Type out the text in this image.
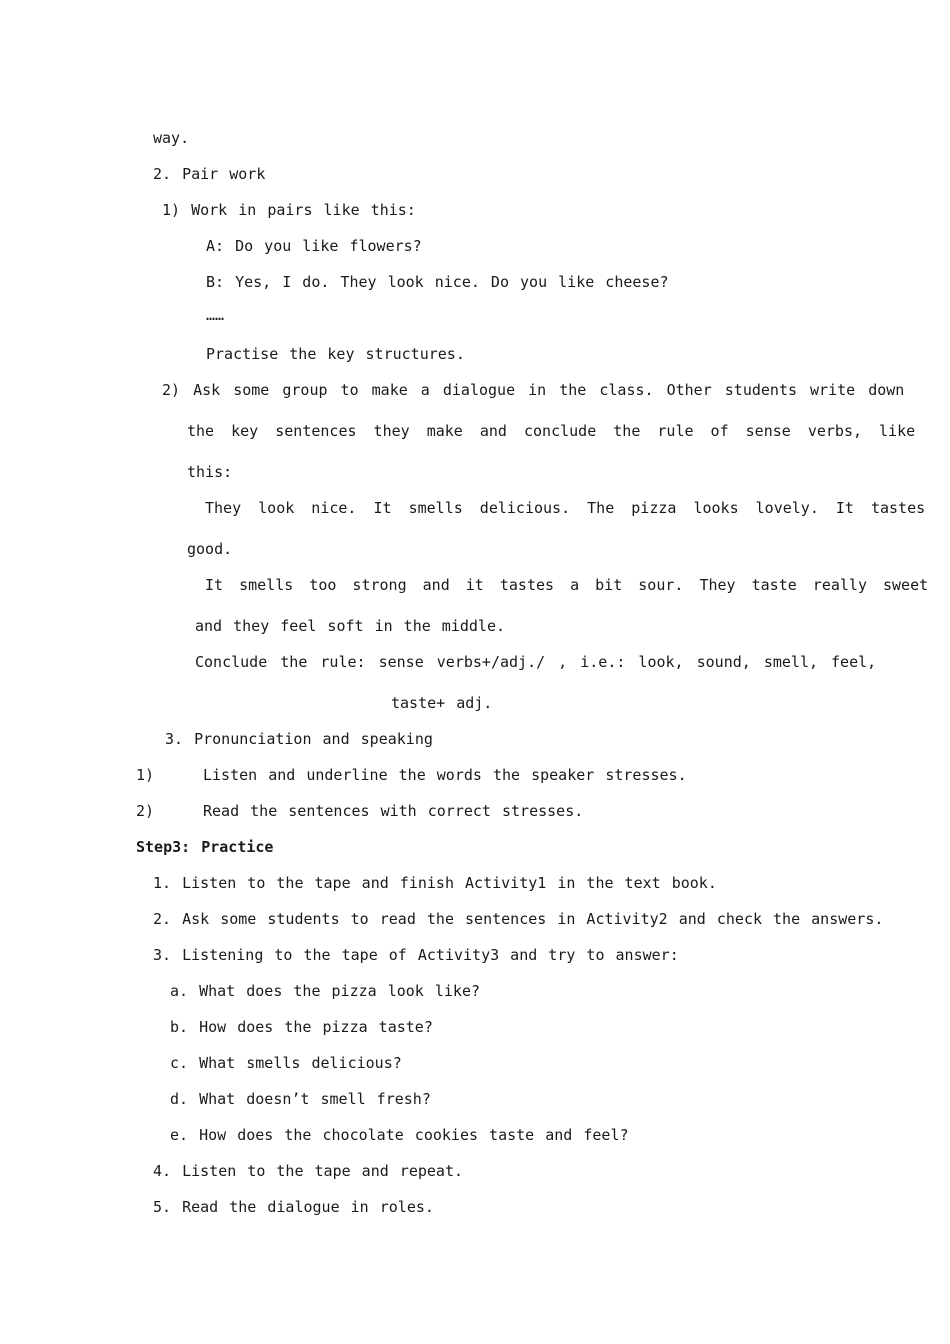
way.
2. Pair work
1) Work in pairs like this:
A: Do you like flowers?
B: Yes, I do. They look nice. Do you like cheese?
……
Practise the key structures.
2) Ask some group to make a dialogue in the class. Other students write down
the key sentences they make and conclude the rule of sense verbs, like
this:
They look nice. It smells delicious. The pizza looks lovely. It tastes
good.
It smells too strong and it tastes a bit sour. They taste really sweet
and they feel soft in the middle.
Conclude the rule: sense verbs+/adj./ , i.e.: look, sound, smell, feel,
taste+ adj.
3. Pronunciation and speaking
1)	Listen and underline the words the speaker stresses.
2)	Read the sentences with correct stresses.
Step3: Practice
1. Listen to the tape and finish Activity1 in the text book.
2. Ask some students to read the sentences in Activity2 and check the answers.
3. Listening to the tape of Activity3 and try to answer:
a. What does the pizza look like?
b. How does the pizza taste?
c. What smells delicious?
d. What doesn’t smell fresh?
e. How does the chocolate cookies taste and feel?
4. Listen to the tape and repeat.
5. Read the dialogue in roles.
